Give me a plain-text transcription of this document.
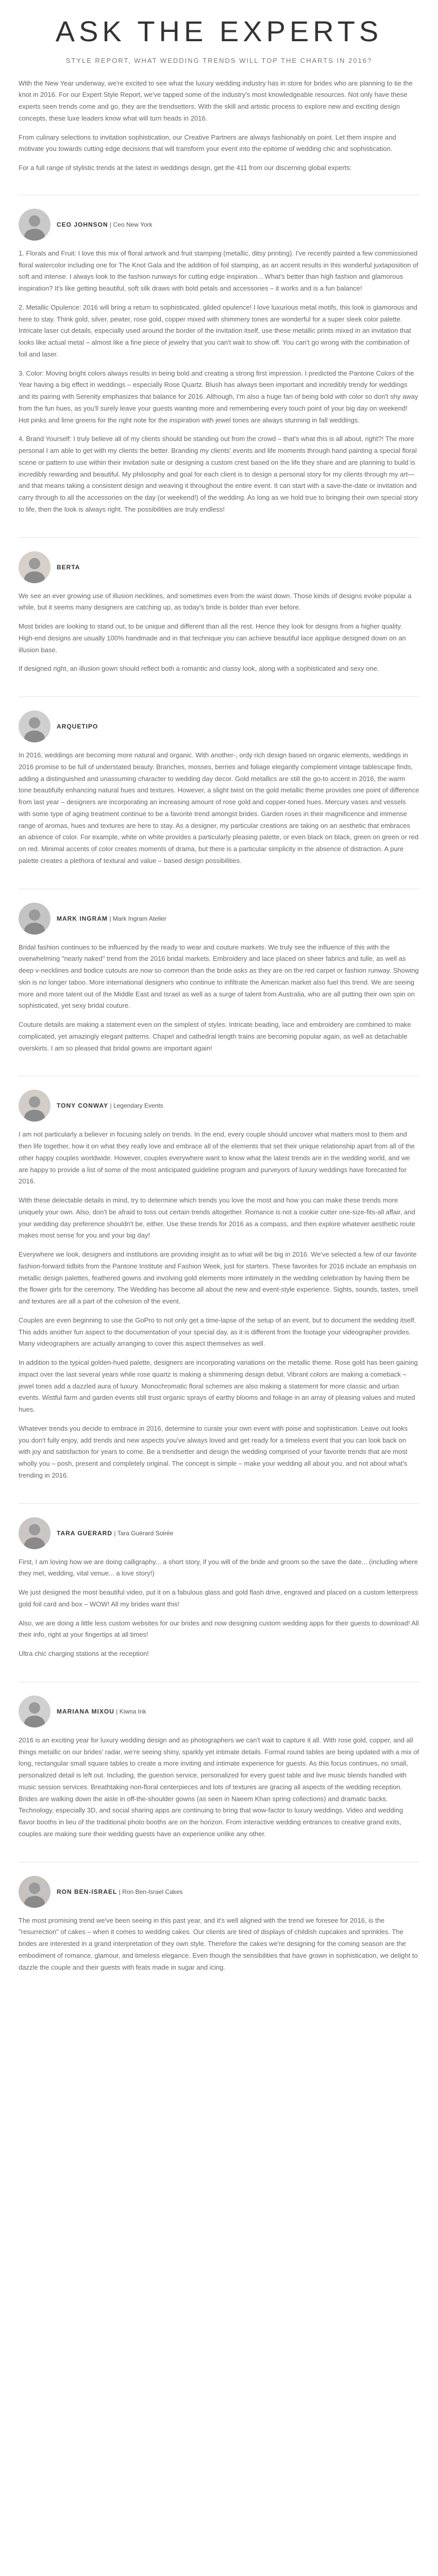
ASK THE EXPERTS

STYLE REPORT, WHAT WEDDING TRENDS WILL TOP THE CHARTS IN 2016?

With the New Year underway, we're excited to see what the luxury wedding industry has in store for brides who are planning to tie the knot in 2016. For our Expert Style Report, we've tapped some of the industry's most knowledgeable resources. Not only have these experts seen trends come and go, they are the trendsetters. With the skill and artistic process to explore new and exciting design concepts, these luxe leaders know what will turn heads in 2016.

From culinary selections to invitation sophistication, our Creative Partners are always fashionably on point. Let them inspire and motivate you towards cutting edge decisions that will transform your event into the epitome of wedding chic and sophistication.

For a full range of stylistic trends at the latest in weddings design, get the 411 from our discerning global experts:

CEO JOHNSON | Ceo New York

1. Florals and Fruit: I love this mix of floral artwork and fruit stamping (metallic, ditsy printing). I've recently painted a few commissioned floral watercolor including one for The Knot Gala and the addition of foil stamping, as an accent results in this wonderful juxtaposition of soft and intense. I always look to the fashion runways for cutting edge inspiration... What's better than high fashion and glamorous inspiration? It's like getting beautiful, soft silk draws with bold petals and accessories – it works and is a fun balance!

2. Metallic Opulence: 2016 will bring a return to sophisticated, gilded opulence! I love luxurious metal motifs, this look is glamorous and here to stay. Think gold, silver, pewter, rose gold, copper mixed with shimmery tones are wonderful for a super sleek color palette. Intricate laser cut details, especially used around the border of the invitation itself, use these metallic prints mixed in an invitation that looks like actual metal – almost like a fine piece of jewelry that you can't wait to show off. You can't go wrong with the combination of foil and laser.

3. Color: Moving bright colors always results in being bold and creating a strong first impression. I predicted the Pantone Colors of the Year having a big effect in weddings – especially Rose Quartz. Blush has always been important and incredibly trendy for weddings and its pairing with Serenity emphasizes that balance for 2016. Although, I'm also a huge fan of being bold with color so don't shy away from the fun hues, as you'll surely leave your guests wanting more and remembering every touch point of your big day on weekend! Hot pinks and lime greens for the right note for the inspiration with jewel tones are always stunning in fall weddings.

4. Brand Yourself: I truly believe all of my clients should be standing out from the crowd – that's what this is all about, right?! The more personal I am able to get with my clients the better. Branding my clients' events and life moments through hand painting a special floral scene or pattern to use within their invitation suite or designing a custom crest based on the life they share and are planning to build is incredibly rewarding and beautiful. My philosophy and goal for each client is to design a personal story for my clients through my art—and that means taking a consistent design and weaving it throughout the entire event. It can start with a save-the-date or invitation and carry through to all the accessories on the day (or weekend!) of the wedding. As long as we hold true to bringing their own special story to life, then the look is always right. The possibilities are truly endless!

BERTA

We see an ever growing use of illusion necklines, and sometimes even from the waist down. Those kinds of designs evoke popular a while, but it seems many designers are catching up, as today's bride is bolder than ever before.

Most brides are looking to stand out, to be unique and different than all the rest. Hence they look for designs from a higher quality. High-end designs are usually 100% handmade and in that technique you can achieve beautiful lace applique designed down on an illusion base.

If designed right, an illusion gown should reflect both a romantic and classy look, along with a sophisticated and sexy one.

ARQUETIPO

In 2016, weddings are becoming more natural and organic. With another-, ordy rich design based on organic elements, weddings in 2016 promise to be full of understated beauty. Branches, mosses, berries and foliage elegantly complement vintage tablescape finds, adding a distinguished and unassuming character to wedding day decor. Gold metallics are still the go-to accent in 2016, the warm tone beautifully enhancing natural hues and textures. However, a slight twist on the gold metallic theme provides one point of difference from last year – designers are incorporating an increasing amount of rose gold and copper-toned hues. Mercury vases and vessels with some type of aging treatment continue to be a favorite trend amongst brides. Garden roses in their magnificence and immense range of aromas, hues and textures are here to stay. As a designer, my particular creations are taking on an aesthetic that embraces an absence of color. For example, white on white provides a particularly pleasing palette, or even black on black, green on green or red on red. Minimal accents of color creates moments of drama, but there is a particular simplicity in the absence of distraction. A pure palette creates a plethora of textural and value – based design possibilities.

MARK INGRAM | Mark Ingram Atelier

Bridal fashion continues to be influenced by the ready to wear and couture markets. We truly see the influence of this with the overwhelming "nearly naked" trend from the 2016 bridal markets. Embroidery and lace placed on sheer fabrics and tulle, as well as deep v-necklines and bodice cutouts are now so common than the bride asks as they are on the red carpet or fashion runway. Showing skin is no longer taboo. More international designers who continue to infiltrate the American market also fuel this trend. We are seeing more and more talent out of the Middle East and Israel as well as a surge of talent from Australia, who are all putting their own spin on sophisticated, yet sexy bridal couture.

Couture details are making a statement even on the simplest of styles. Intricate beading, lace and embroidery are combined to make complicated, yet amazingly elegant patterns. Chapel and cathedral length trains are becoming popular again, as well as detachable overskirts. I am so pleased that bridal gowns are important again!

TONY CONWAY | Legendary Events

I am not particularly a believer in focusing solely on trends. In the end, every couple should uncover what matters most to them and then life together, how it on what they really love and embrace all of the elements that set their unique relationship apart from all of the other happy couples worldwide. However, couples everywhere want to know what the latest trends are in the wedding world, and we are happy to provide a list of some of the most anticipated guideline program and purveyors of luxury weddings have forecasted for 2016.

With these delectable details in mind, try to determine which trends you love the most and how you can make these trends more uniquely your own. Also, don't be afraid to toss out certain trends altogether. Romance is not a cookie cutter one-size-fits-all affair, and your wedding day preference shouldn't be, either. Use these trends for 2016 as a compass, and then explore whatever aesthetic route makes most sense for you and your big day!

Everywhere we look, designers and institutions are providing insight as to what will be big in 2016. We've selected a few of our favorite fashion-forward tidbits from the Pantone Institute and Fashion Week, just for starters. These favorites for 2016 include an emphasis on metallic design palettes, feathered gowns and involving gold elements more intimately in the wedding celebration by having them be the flower girls for the ceremony. The Wedding has become all about the new and event-style experience. Sights, sounds, tastes, smell and textures are all a part of the cohesion of the event.

Couples are even beginning to use the GoPro to not only get a time-lapse of the setup of an event, but to document the wedding itself. This adds another fun aspect to the documentation of your special day, as it is different from the footage your videographer provides. Many videographers are actually arranging to cover this aspect themselves as well.

In addition to the typical golden-hued palette, designers are incorporating variations on the metallic theme. Rose gold has been gaining impact over the last several years while rose quartz is making a shimmering design debut. Vibrant colors are making a comeback – jewel tones add a dazzled aura of luxury. Monochromatic floral schemes are also making a statement for more classic and urban events. Wistful farm and garden events still trust organic sprays of earthy blooms and foliage in an array of pleasing values and muted hues.

Whatever trends you decide to embrace in 2016, determine to curate your own event with poise and sophistication. Leave out looks you don't fully enjoy, add trends and new aspects you've always loved and get ready for a timeless event that you can look back on with joy and satisfaction for years to come. Be a trendsetter and design the wedding comprised of your favorite trends that are most wholly you – posh, present and completely original. The concept is simple – make your wedding all about you, and not about what's trending in 2016.

TARA GUERARD | Tara Guérard Soirée

First, I am loving how we are doing calligraphy... a short story, if you will of the bride and groom so the save the date... (including where they met, wedding, vital venue... a love story!)

We just designed the most beautiful video, put it on a fabulous glass and gold flash drive, engraved and placed on a custom letterpress gold foil card and box – WOW! All my brides want this!

Also, we are doing a little less custom websites for our brides and now designing custom wedding apps for their guests to download! All their info, right at your fingertips at all times!

Ultra chic charging stations at the reception!

MARIANA MIXOU | Kiwna Ink

2016 is an exciting year for luxury wedding design and as photographers we can't wait to capture it all. With rose gold, copper, and all things metallic on our brides' radar, we're seeing shiny, sparkly yet intimate details. Formal round tables are being updated with a mix of long, rectangular small square tables to create a more inviting and intimate experience for guests. As this focus continues, no small, personalized detail is left out. Including, the guestion service, personalized for every guest table and live music blends handled with music session services. Breathtaking non-floral centerpieces and lots of textures are gracing all aspects of the wedding reception. Brides are walking down the aisle in off-the-shoulder gowns (as seen in Naeem Khan spring collections) and dramatic backs. Technology, especially 3D, and social sharing apps are continuing to bring that wow-factor to luxury weddings. Video and wedding flavor booths in lieu of the traditional photo booths are on the horizon. From interactive wedding entrances to creative grand exits, couples are making sure their wedding guests have an experience unlike any other.

RON BEN-ISRAEL | Ron Ben-Israel Cakes

The most promising trend we've been seeing in this past year, and it's well aligned with the trend we foresee for 2016, is the "resurrection" of cakes – when it comes to wedding cakes. Our clients are tired of displays of childish cupcakes and sprinkles. The brides are interested in a grand interpretation of they own style. Therefore the cakes we're designing for the coming season are the embodiment of romance, glamour, and timeless elegance. Even though the sensibilities that have grown in sophistication, we delight to dazzle the couple and their guests with feats made in sugar and icing.
